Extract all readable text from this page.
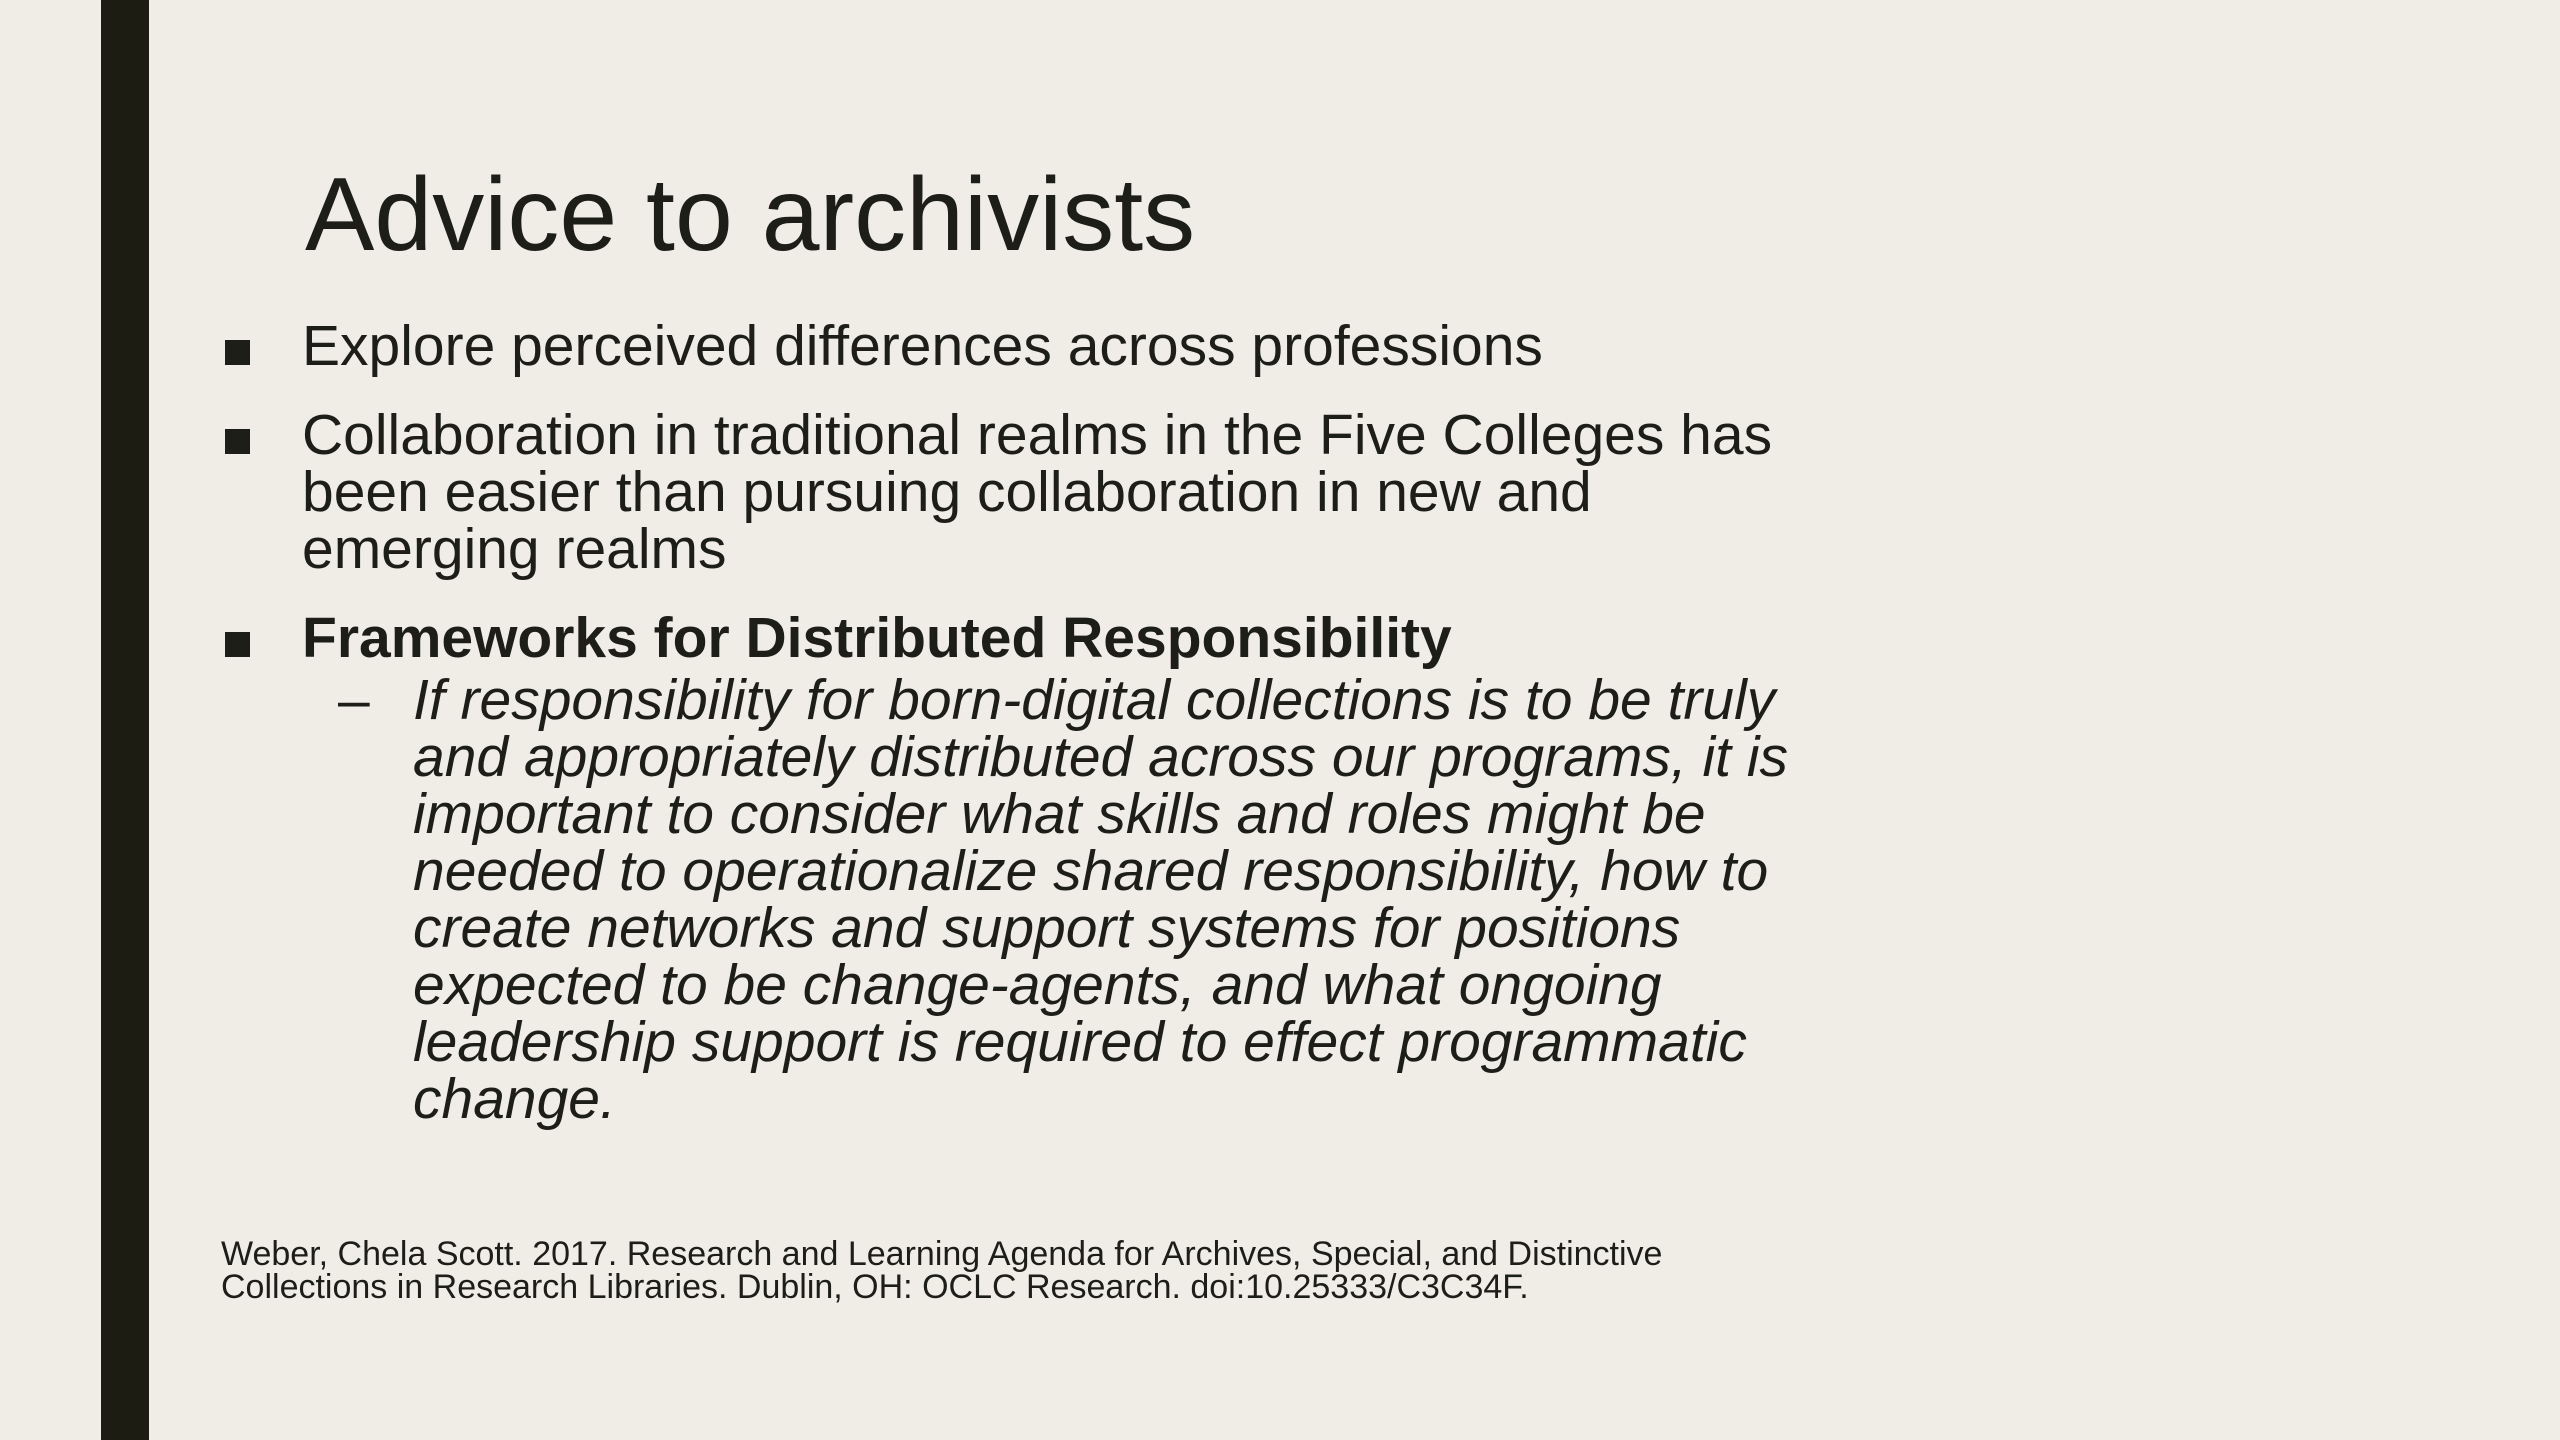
Advice to archivists
Explore perceived differences across professions
Collaboration in traditional realms in the Five Colleges has been easier than pursuing collaboration in new and emerging realms
Frameworks for Distributed Responsibility
– If responsibility for born-digital collections is to be truly and appropriately distributed across our programs, it is important to consider what skills and roles might be needed to operationalize shared responsibility, how to create networks and support systems for positions expected to be change-agents, and what ongoing leadership support is required to effect programmatic change.
Weber, Chela Scott. 2017. Research and Learning Agenda for Archives, Special, and Distinctive Collections in Research Libraries. Dublin, OH: OCLC Research. doi:10.25333/C3C34F.
